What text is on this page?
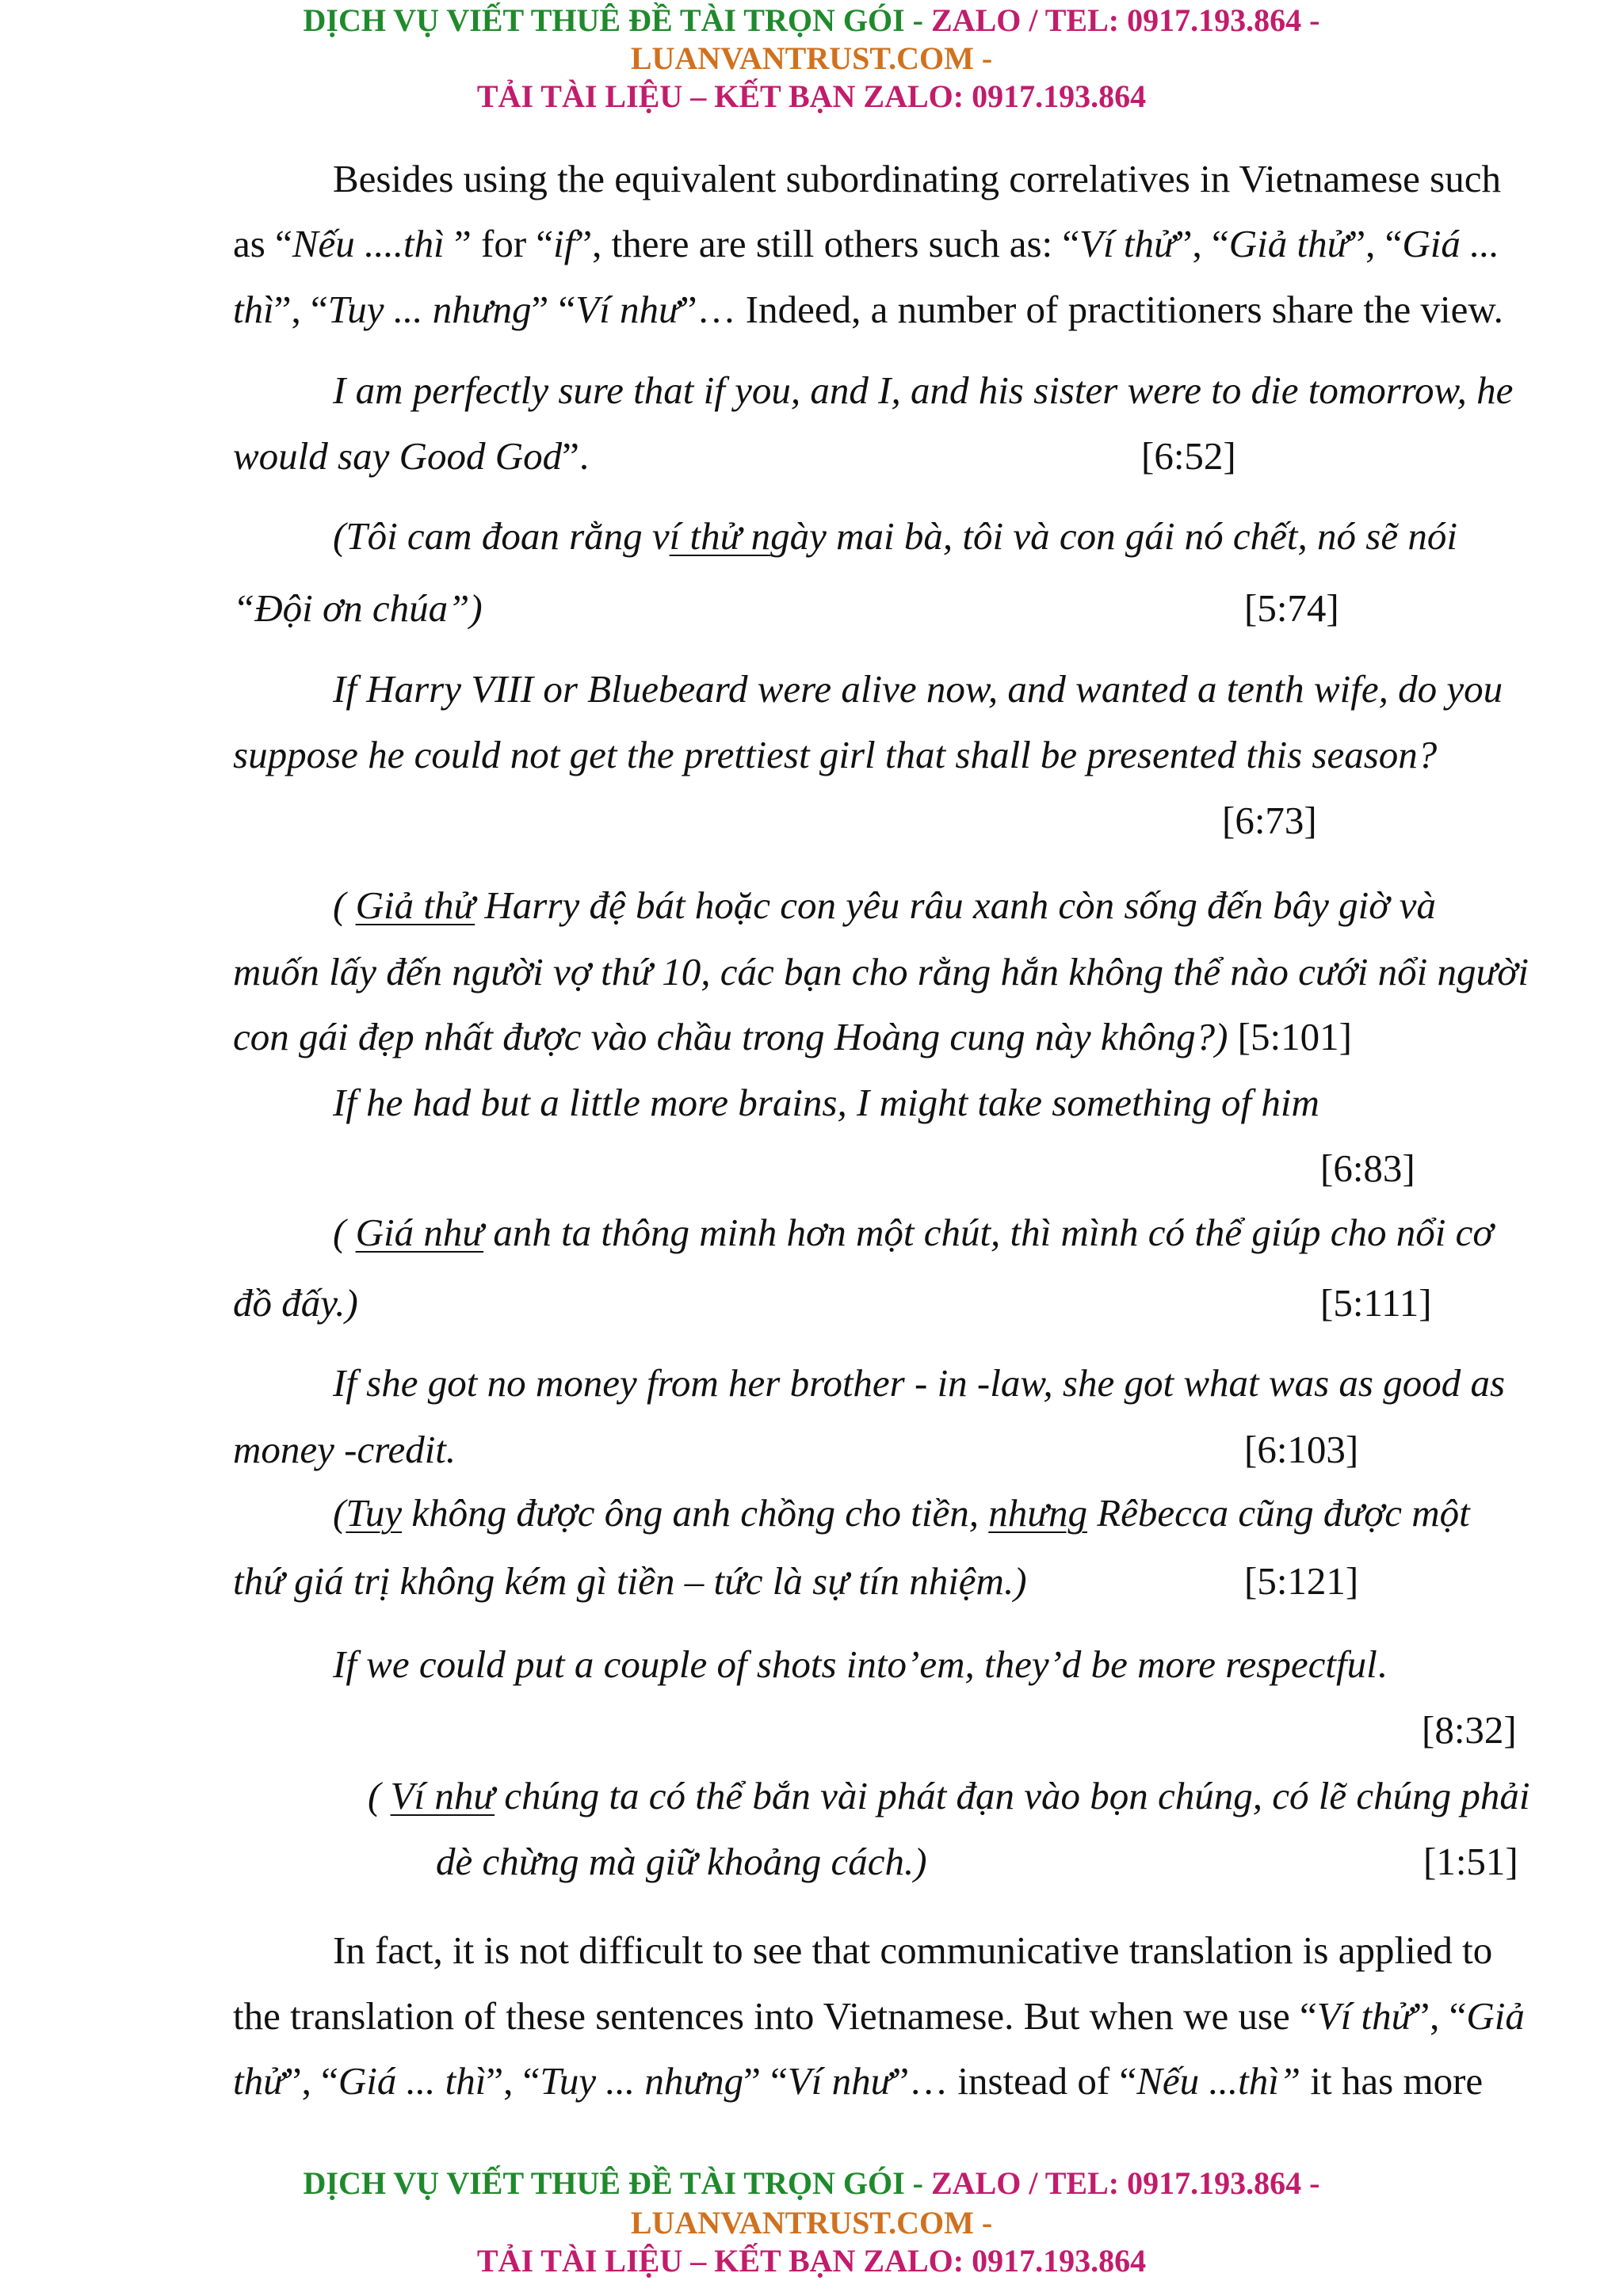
DỊCH VỤ VIẾT THUÊ ĐỀ TÀI TRỌN GÓI - ZALO / TEL: 0917.193.864 -
LUANVANTRUST.COM -
TẢI TÀI LIỆU – KẾT BẠN ZALO: 0917.193.864
Besides using the equivalent subordinating correlatives in Vietnamese such
as “Nếu ....thì ” for “if”, there are still others such as: “Ví thử”, “Giả thử”, “Giá ...
thì”, “Tuy ... nhưng” “Ví như”… Indeed, a number of practitioners share the view.
I am perfectly sure that if you, and I, and his sister were to die tomorrow, he
would say Good God”.	[6:52]
(Tôi cam đoan rằng ví thử ngày mai bà, tôi và con gái nó chết, nó sẽ nói
“Đội ơn chúa”)	[5:74]
If Harry VIII or Bluebeard were alive now, and wanted a tenth wife, do you
suppose he could not get the prettiest girl that shall be presented this season?
[6:73]
( Giả thử Harry đệ bát hoặc con yêu râu xanh còn sống đến bây giờ và
muốn lấy đến người vợ thứ 10, các bạn cho rằng hắn không thể nào cưới nổi người
con gái đẹp nhất được vào chầu trong Hoàng cung này không?) [5:101]
If he had but a little more brains, I might take something of him
[6:83]
( Giá như anh ta thông minh hơn một chút, thì mình có thể giúp cho nổi cơ
đồ đấy.)	[5:111]
If she got no money from her brother - in -law, she got what was as good as
money -credit.	[6:103]
(Tuy không được ông anh chồng cho tiền, nhưng Rêbecca cũng được một
thứ giá trị không kém gì tiền – tức là sự tín nhiệm.)	[5:121]
If we could put a couple of shots into’em, they’d be more respectful.
[8:32]
( Ví như chúng ta có thể bắn vài phát đạn vào bọn chúng, có lẽ chúng phải
dè chừng mà giữ khoảng cách.)	[1:51]
In fact, it is not difficult to see that communicative translation is applied to
the translation of these sentences into Vietnamese. But when we use “Ví thử”, “Giả
thử”, “Giá ... thì”, “Tuy ... nhưng” “Ví như”… instead of “Nếu ...thì” it has more
DỊCH VỤ VIẾT THUÊ ĐỀ TÀI TRỌN GÓI - ZALO / TEL: 0917.193.864 -
LUANVANTRUST.COM -
TẢI TÀI LIỆU – KẾT BẠN ZALO: 0917.193.864
